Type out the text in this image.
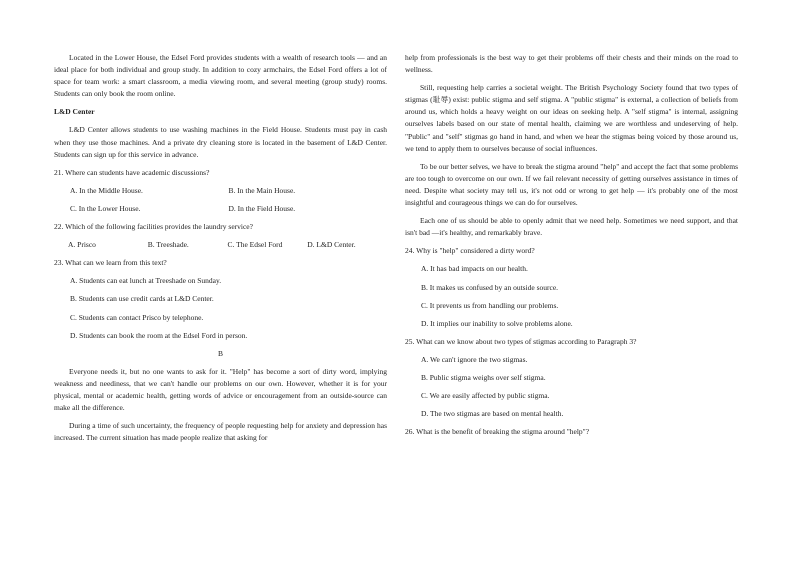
Located in the Lower House, the Edsel Ford provides students with a wealth of research tools — and an ideal place for both individual and group study. In addition to cozy armchairs, the Edsel Ford offers a lot of space for team work: a smart classroom, a media viewing room, and several meeting (group study) rooms. Students can only book the room online.

L&D Center

L&D Center allows students to use washing machines in the Field House. Students must pay in cash when they use those machines. And a private dry cleaning store is located in the basement of L&D Center. Students can sign up for this service in advance.

21. Where can students have academic discussions?

A. In the Middle House.	B. In the Main House.
C. In the Lower House.	D. In the Field House.

22. Which of the following facilities provides the laundry service?

A. Prisco	B. Treeshade.	C. The Edsel Ford	D. L&D Center.

23. What can we learn from this text?

A. Students can eat lunch at Treeshade on Sunday.

B. Students can use credit cards at L&D Center.

C. Students can contact Prisco by telephone.

D. Students can book the room at the Edsel Ford in person.

B

Everyone needs it, but no one wants to ask for it. "Help" has become a sort of dirty word, implying weakness and neediness, that we can't handle our problems on our own. However, whether it is for your physical, mental or academic health, getting words of advice or encouragement from an outside-source can make all the difference.

During a time of such uncertainty, the frequency of people requesting help for anxiety and depression has increased. The current situation has made people realize that asking for

help from professionals is the best way to get their problems off their chests and their minds on the road to wellness.

Still, requesting help carries a societal weight. The British Psychology Society found that two types of stigmas (耻辱) exist: public stigma and self stigma. A "public stigma" is external, a collection of beliefs from around us, which holds a heavy weight on our ideas on seeking help. A "self stigma" is internal, assigning ourselves labels based on our state of mental health, claiming we are worthless and undeserving of help. "Public" and "self" stigmas go hand in hand, and when we hear the stigmas being voiced by those around us, we tend to apply them to ourselves because of social influences.

To be our better selves, we have to break the stigma around "help" and accept the fact that some problems are too tough to overcome on our own. If we fail relevant necessity of getting ourselves assistance in times of need. Despite what society may tell us, it's not odd or wrong to get help — it's probably one of the most insightful and courageous things we can do for ourselves.

Each one of us should be able to openly admit that we need help. Sometimes we need support, and that isn't bad —it's healthy, and remarkably brave.

24. Why is "help" considered a dirty word?

A. It has bad impacts on our health.

B. It makes us confused by an outside source.

C. It prevents us from handling our problems.

D. It implies our inability to solve problems alone.

25. What can we know about two types of stigmas according to Paragraph 3?

A. We can't ignore the two stigmas.

B. Public stigma weighs over self stigma.

C. We are easily affected by public stigma.

D. The two stigmas are based on mental health.

26. What is the benefit of breaking the stigma around "help"?
